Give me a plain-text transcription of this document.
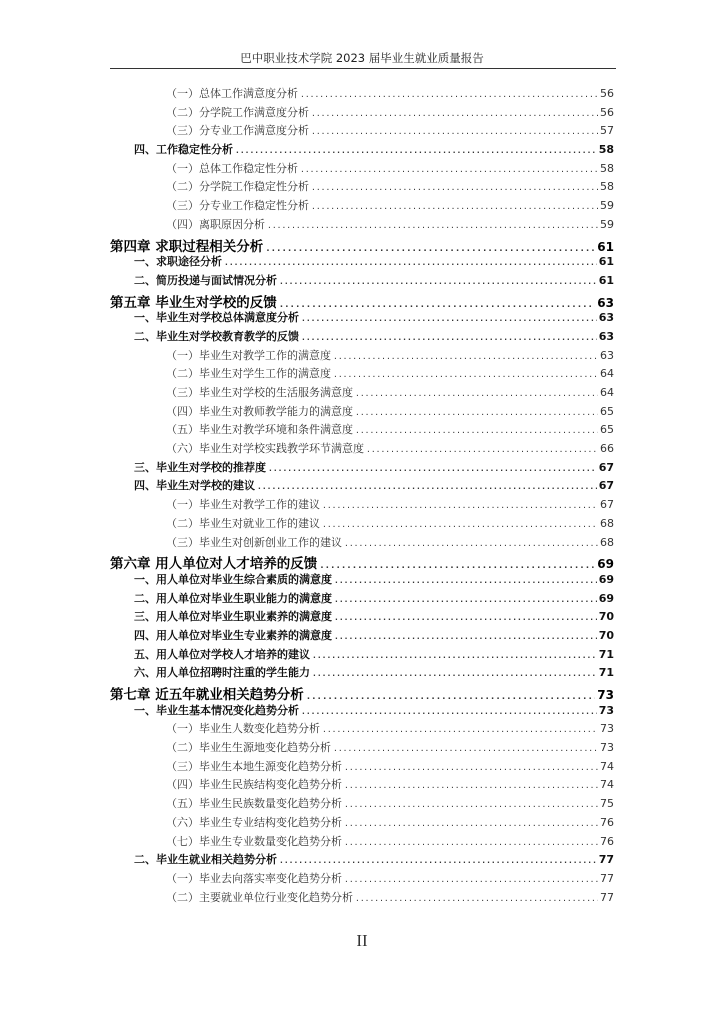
巴中职业技术学院 2023 届毕业生就业质量报告
（一）总体工作满意度分析 .....	56
（二）分学院工作满意度分析 .....	56
（三）分专业工作满意度分析 .....	57
四、工作稳定性分析 .....	58
（一）总体工作稳定性分析 .....	58
（二）分学院工作稳定性分析 .....	58
（三）分专业工作稳定性分析 .....	59
（四）离职原因分析 .....	59
第四章 求职过程相关分析 .....	61
一、求职途径分析 .....	61
二、简历投递与面试情况分析 .....	61
第五章 毕业生对学校的反馈 .....	63
一、毕业生对学校总体满意度分析 .....	63
二、毕业生对学校教育教学的反馈 .....	63
（一）毕业生对教学工作的满意度 .....	63
（二）毕业生对学生工作的满意度 .....	64
（三）毕业生对学校的生活服务满意度 .....	64
（四）毕业生对教师教学能力的满意度 .....	65
（五）毕业生对教学环境和条件满意度 .....	65
（六）毕业生对学校实践教学环节满意度 .....	66
三、毕业生对学校的推荐度 .....	67
四、毕业生对学校的建议 .....	67
（一）毕业生对教学工作的建议 .....	67
（二）毕业生对就业工作的建议 .....	68
（三）毕业生对创新创业工作的建议 .....	68
第六章 用人单位对人才培养的反馈 .....	69
一、用人单位对毕业生综合素质的满意度 .....	69
二、用人单位对毕业生职业能力的满意度 .....	69
三、用人单位对毕业生职业素养的满意度 .....	70
四、用人单位对毕业生专业素养的满意度 .....	70
五、用人单位对学校人才培养的建议 .....	71
六、用人单位招聘时注重的学生能力 .....	71
第七章 近五年就业相关趋势分析 .....	73
一、毕业生基本情况变化趋势分析 .....	73
（一）毕业生人数变化趋势分析 .....	73
（二）毕业生生源地变化趋势分析 .....	73
（三）毕业生本地生源变化趋势分析 .....	74
（四）毕业生民族结构变化趋势分析 .....	74
（五）毕业生民族数量变化趋势分析 .....	75
（六）毕业生专业结构变化趋势分析 .....	76
（七）毕业生专业数量变化趋势分析 .....	76
二、毕业生就业相关趋势分析 .....	77
（一）毕业去向落实率变化趋势分析 .....	77
（二）主要就业单位行业变化趋势分析 .....	77
II
